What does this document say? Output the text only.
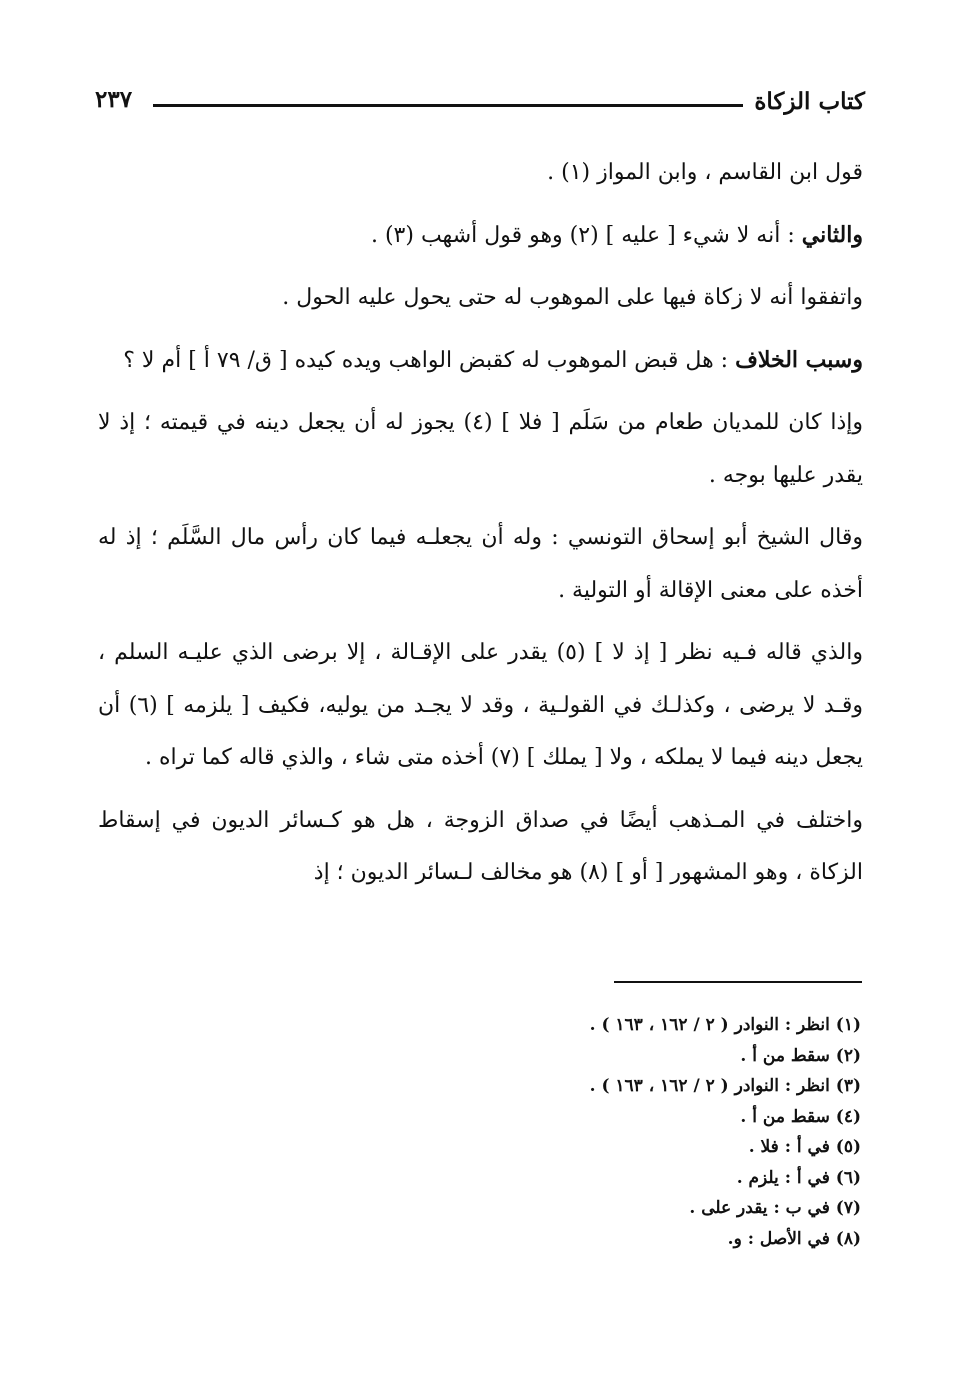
كتاب الزكاة
٢٣٧

قول ابن القاسم ، وابن المواز (١) .

والثاني : أنه لا شيء [ عليه ] (٢) وهو قول أشهب (٣) .

واتفقوا أنه لا زكاة فيها على الموهوب له حتى يحول عليه الحول .

وسبب الخلاف : هل قبض الموهوب له كقبض الواهب ويده كيده [ ق/ ٧٩ أ ] أم لا ؟

وإذا كان للمديان طعام من سَلَم [ فلا ] (٤) يجوز له أن يجعل دينه في قيمته ؛ إذ لا يقدر عليها بوجه .

وقال الشيخ أبو إسحاق التونسي : وله أن يجعلـه فيما كان رأس مال السَّلَم ؛ إذ له أخذه على معنى الإقالة أو التولية .

والذي قاله فـيه نظر [ إذ لا ] (٥) يقدر على الإقـالة ، إلا برضى الذي عليـه السلم ، وقـد لا يرضى ، وكذلـك في القولـية ، وقد لا يجـد من يوليه، فكيف [ يلزمه ] (٦) أن يجعل دينه فيما لا يملكه ، ولا [ يملك ] (٧) أخذه متى شاء ، والذي قاله كما تراه .

واختلف في المـذهب أيضًا في صداق الزوجة ، هل هو كـسائر الديون في إسقاط الزكاة ، وهو المشهور [ أو ] (٨) هو مخالف لـسائر الديون ؛ إذ

(١) انظر : النوادر ( ٢ / ١٦٢ ، ١٦٣ ) .
(٢) سقط من أ .
(٣) انظر : النوادر ( ٢ / ١٦٢ ، ١٦٣ ) .
(٤) سقط من أ .
(٥) في أ : فلا .
(٦) في أ : يلزم .
(٧) في ب : يقدر على .
(٨) في الأصل : و.
